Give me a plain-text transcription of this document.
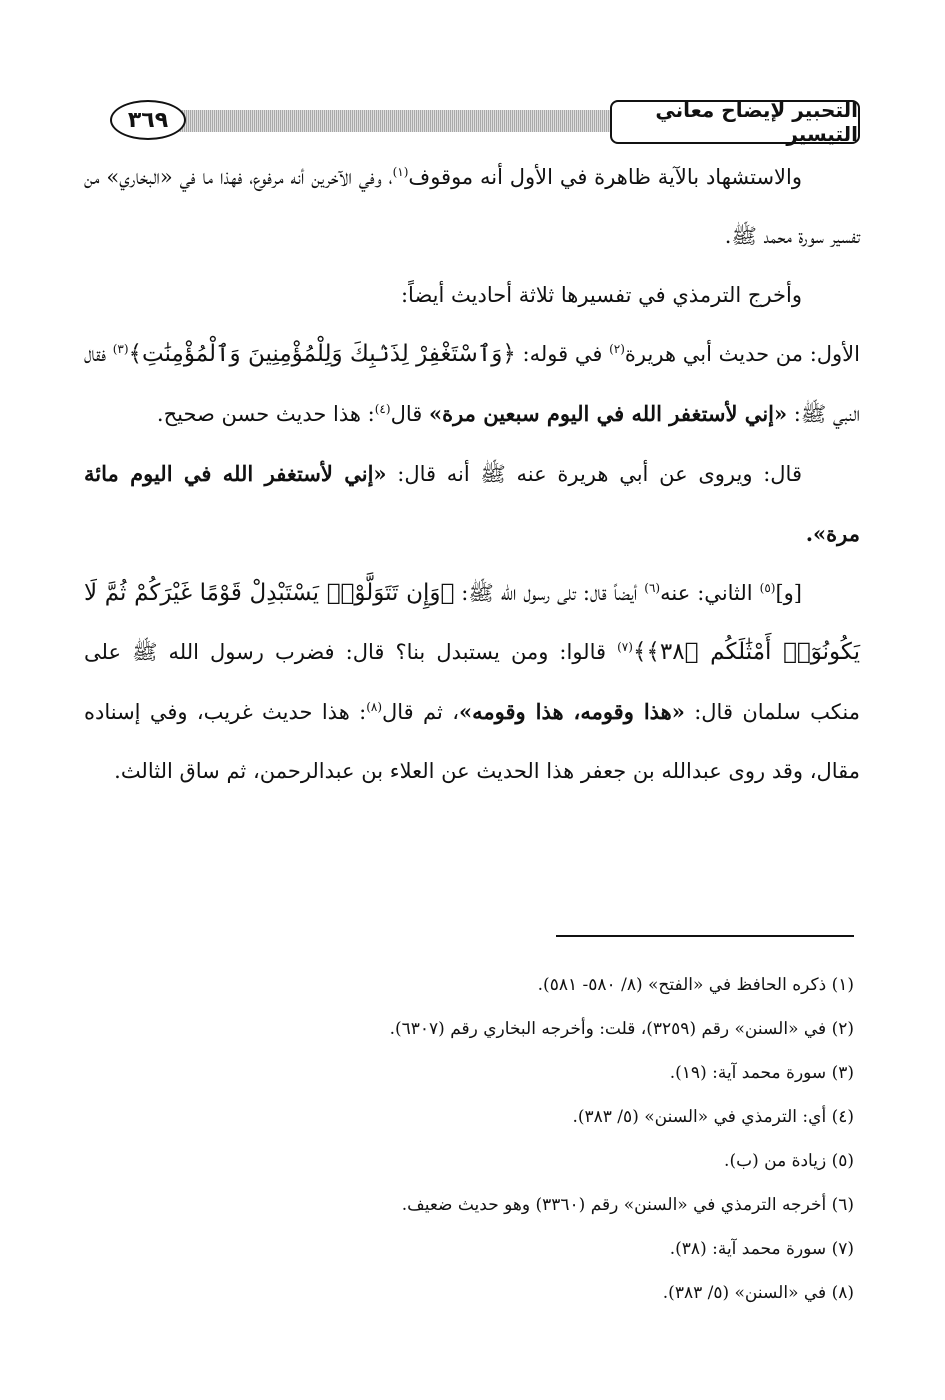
٣٦٩	التحبير لإيضاح معاني التيسير

والاستشهاد بالآية ظاهرة في الأول أنه موقوف$^{(١)}$، وفي الآخرين أنه مرفوع، فهذا ما في «البخاري» من تفسير سورة محمد ﷺ.

وأخرج الترمذي في تفسيرها ثلاثة أحاديث أيضاً:

الأول: من حديث أبي هريرة$^{(٢)}$ في قوله: ﴿وَٱسْتَغْفِرْ لِذَنۢبِكَ وَلِلْمُؤْمِنِينَ وَٱلْمُؤْمِنَٰتِ﴾$^{(٣)}$ فقال النبي ﷺ: «إني لأستغفر الله في اليوم سبعين مرة» قال$^{(٤)}$: هذا حديث حسن صحيح.

قال: ويروى عن أبي هريرة عنه ﷺ أنه قال: «إني لأستغفر الله في اليوم مائة مرة».

[و]$^{(٥)}$ الثاني: عنه$^{(٦)}$ أيضاً قال: تلى رسول الله ﷺ: ﴿وَإِن تَتَوَلَّوْا۟ يَسْتَبْدِلْ قَوْمًا غَيْرَكُمْ ثُمَّ لَا يَكُونُوٓا۟ أَمْثَٰلَكُم ﴿٣٨﴾﴾$^{(٧)}$ قالوا: ومن يستبدل بنا؟ قال: فضرب رسول الله ﷺ على منكب سلمان قال: «هذا وقومه، هذا وقومه»، ثم قال$^{(٨)}$: هذا حديث غريب، وفي إسناده مقال، وقد روى عبدالله بن جعفر هذا الحديث عن العلاء بن عبدالرحمن، ثم ساق الثالث.

(١) ذكره الحافظ في «الفتح» (٨/ ٥٨٠- ٥٨١).

(٢) في «السنن» رقم (٣٢٥٩)، قلت: وأخرجه البخاري رقم (٦٣٠٧).

(٣) سورة محمد آية: (١٩).

(٤) أي: الترمذي في «السنن» (٥/ ٣٨٣).

(٥) زيادة من (ب).

(٦) أخرجه الترمذي في «السنن» رقم (٣٣٦٠) وهو حديث ضعيف.

(٧) سورة محمد آية: (٣٨).

(٨) في «السنن» (٥/ ٣٨٣).
